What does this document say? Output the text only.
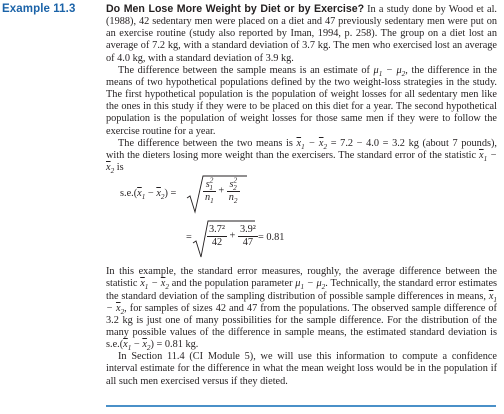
Example 11.3	Do Men Lose More Weight by Diet or by Exercise? In a study done by Wood et al. (1988), 42 sedentary men were placed on a diet and 47 previously sedentary men were put on an exercise routine (study also reported by Iman, 1994, p. 258). The group on a diet lost an average of 7.2 kg, with a standard deviation of 3.7 kg. The men who exercised lost an average of 4.0 kg, with a standard deviation of 3.9 kg.

The difference between the sample means is an estimate of $\mu_1 - \mu_2$, the difference in the means of two hypothetical populations defined by the two weight-loss strategies in the study. The first hypothetical population is the population of weight losses for all sedentary men like the ones in this study if they were to be placed on this diet for a year. The second hypothetical population is the population of weight losses for those same men if they were to follow the exercise routine for a year.

The difference between the two means is $\overline{x}_1 - \overline{x}_2 = 7.2 - 4.0 = 3.2$ kg (about 7 pounds), with the dieters losing more weight than the exercisers. The standard error of the statistic $\overline{x}_1 - \overline{x}_2$ is

$s.e.(\overline{x}_1 - \overline{x}_2)$ =	$\frac{s^2_1}{n_1} + \frac{s^2_2}{n_2}$
= $\frac{\text{3.7²}}{42} + \frac{\text{3.9²}}{47} = 0.81$

In this example, the standard error measures, roughly, the average difference between the statistic $\overline{x}_1 - \overline{x}_2$ and the population parameter $\mu_1 - \mu_2$. Technically, the standard error estimates the standard deviation of the sampling distribution of possible sample differences in means, $\overline{x}_1 - \overline{x}_2$, for samples of sizes 42 and 47 from the populations. The observed sample difference of 3.2 kg is just one of many possibilities for the sample difference. For the distribution of the many possible values of the difference in sample means, the estimated standard deviation is $s.e.(\overline{x}_1 - \overline{x}_2) = 0.81$ kg.

In Section 11.4 (CI Module 5), we will use this information to compute a confidence interval estimate for the difference in what the mean weight loss would be in the population if all such men exercised versus if they dieted.
